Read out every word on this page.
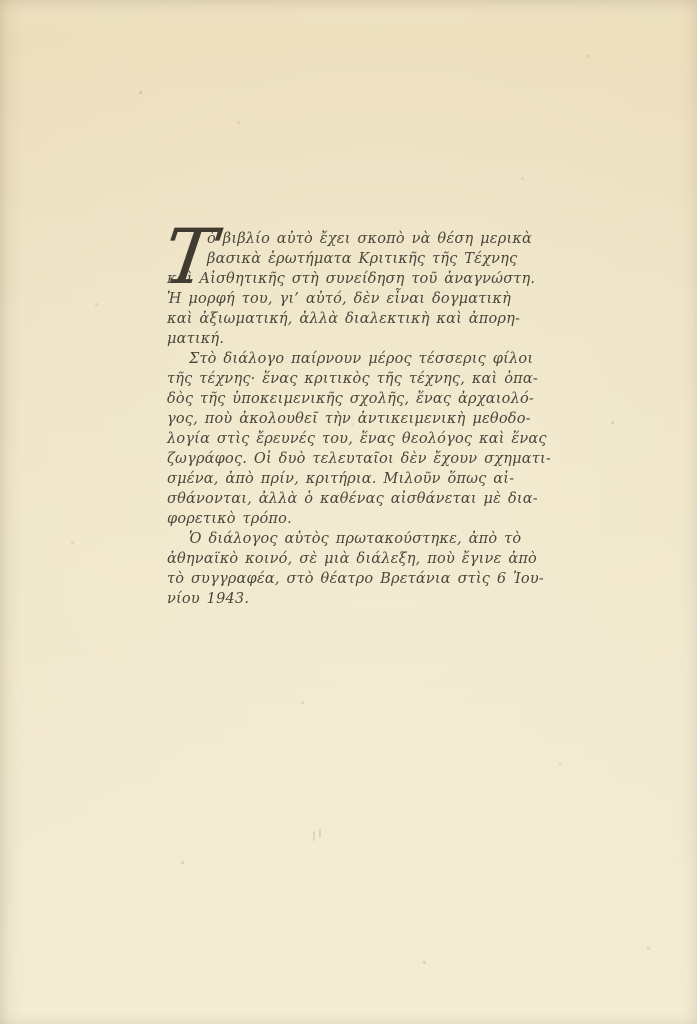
Τ
ὸ βιβλίο αὐτὸ ἔχει σκοπὸ νὰ θέση μερικὰ
βασικὰ ἐρωτήματα Κριτικῆς τῆς Τέχνης
καὶ Αἰσθητικῆς στὴ συνείδηση τοῦ ἀναγνώστη.
Ἡ μορφή του, γι’ αὐτό, δὲν εἶναι δογματικὴ
καὶ ἀξιωματική, ἀλλὰ διαλεκτικὴ καὶ ἀπορη-
ματική.
Στὸ διάλογο παίρνουν μέρος τέσσερις φίλοι
τῆς τέχνης· ἕνας κριτικὸς τῆς τέχνης, καὶ ὀπα-
δὸς τῆς ὑποκειμενικῆς σχολῆς, ἕνας ἀρχαιολό-
γος, ποὺ ἀκολουθεῖ τὴν ἀντικειμενικὴ μεθοδο-
λογία στὶς ἔρευνές του, ἕνας θεολόγος καὶ ἕνας
ζωγράφος. Οἱ δυὸ τελευταῖοι δὲν ἔχουν σχηματι-
σμένα, ἀπὸ πρίν, κριτήρια. Μιλοῦν ὅπως αἰ-
σθάνονται, ἀλλὰ ὁ καθένας αἰσθάνεται μὲ δια-
φορετικὸ τρόπο.
Ὁ διάλογος αὐτὸς πρωτακούστηκε, ἀπὸ τὸ
ἀθηναϊκὸ κοινό, σὲ μιὰ διάλεξη, ποὺ ἔγινε ἀπὸ
τὸ συγγραφέα, στὸ θέατρο Βρετάνια στὶς 6 Ἰου-
νίου 1943.
